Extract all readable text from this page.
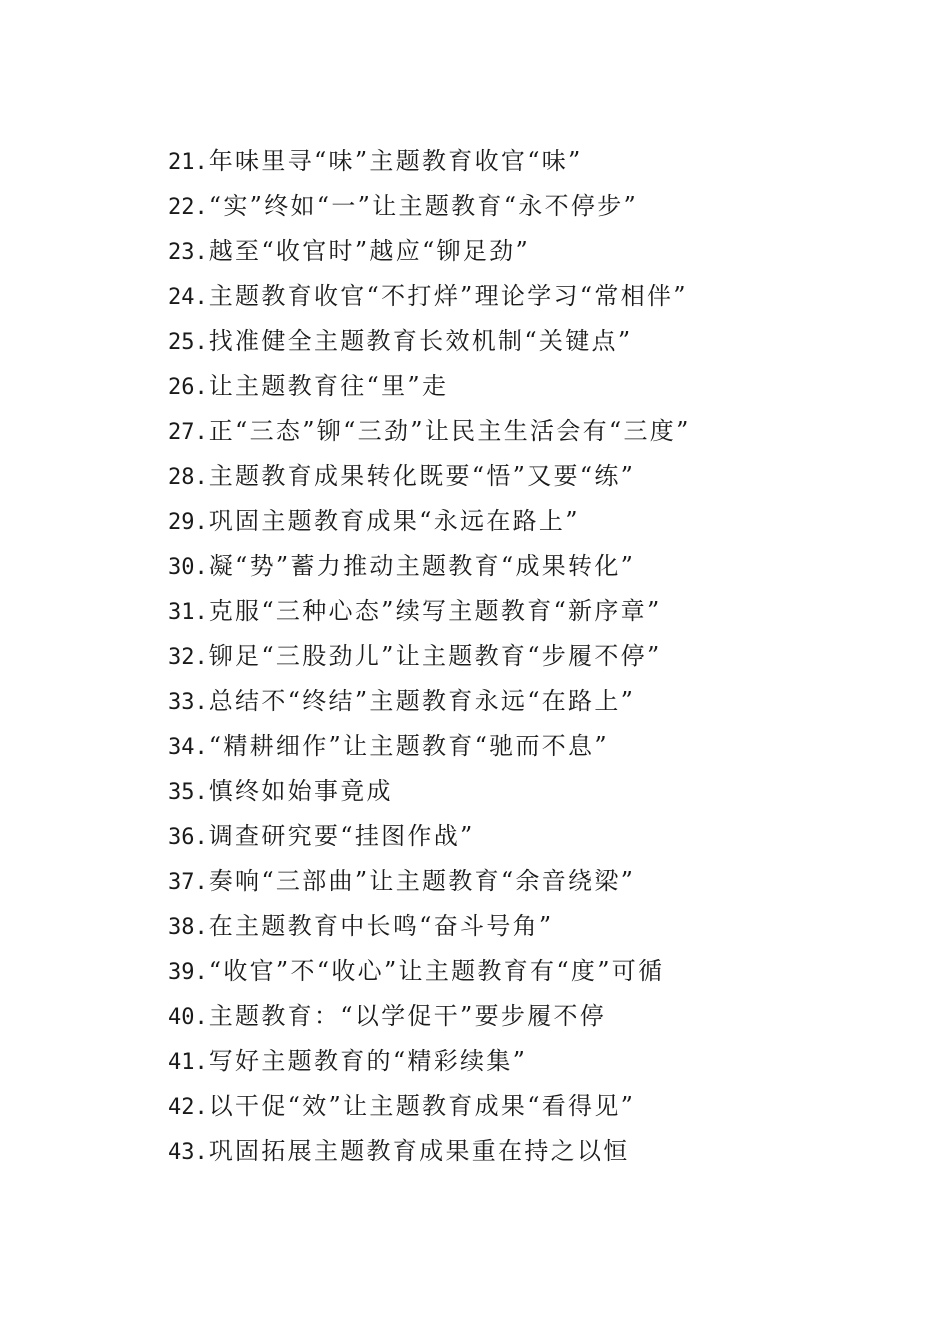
21. 年味里寻“味”主题教育收官“味”
22. “实”终如“一”让主题教育“永不停步”
23. 越至“收官时”越应“铆足劲”
24. 主题教育收官“不打烊”理论学习“常相伴”
25. 找准健全主题教育长效机制“关键点”
26. 让主题教育往“里”走
27. 正“三态”铆“三劲”让民主生活会有“三度”
28. 主题教育成果转化既要“悟”又要“练”
29. 巩固主题教育成果“永远在路上”
30. 凝“势”蓄力推动主题教育“成果转化”
31. 克服“三种心态”续写主题教育“新序章”
32. 铆足“三股劲儿”让主题教育“步履不停”
33. 总结不“终结”主题教育永远“在路上”
34. “精耕细作”让主题教育“驰而不息”
35. 慎终如始事竟成
36. 调查研究要“挂图作战”
37. 奏响“三部曲”让主题教育“余音绕梁”
38. 在主题教育中长鸣“奋斗号角”
39. “收官”不“收心”让主题教育有“度”可循
40. 主题教育：“以学促干”要步履不停
41. 写好主题教育的“精彩续集”
42. 以干促“效”让主题教育成果“看得见”
43. 巩固拓展主题教育成果重在持之以恒
